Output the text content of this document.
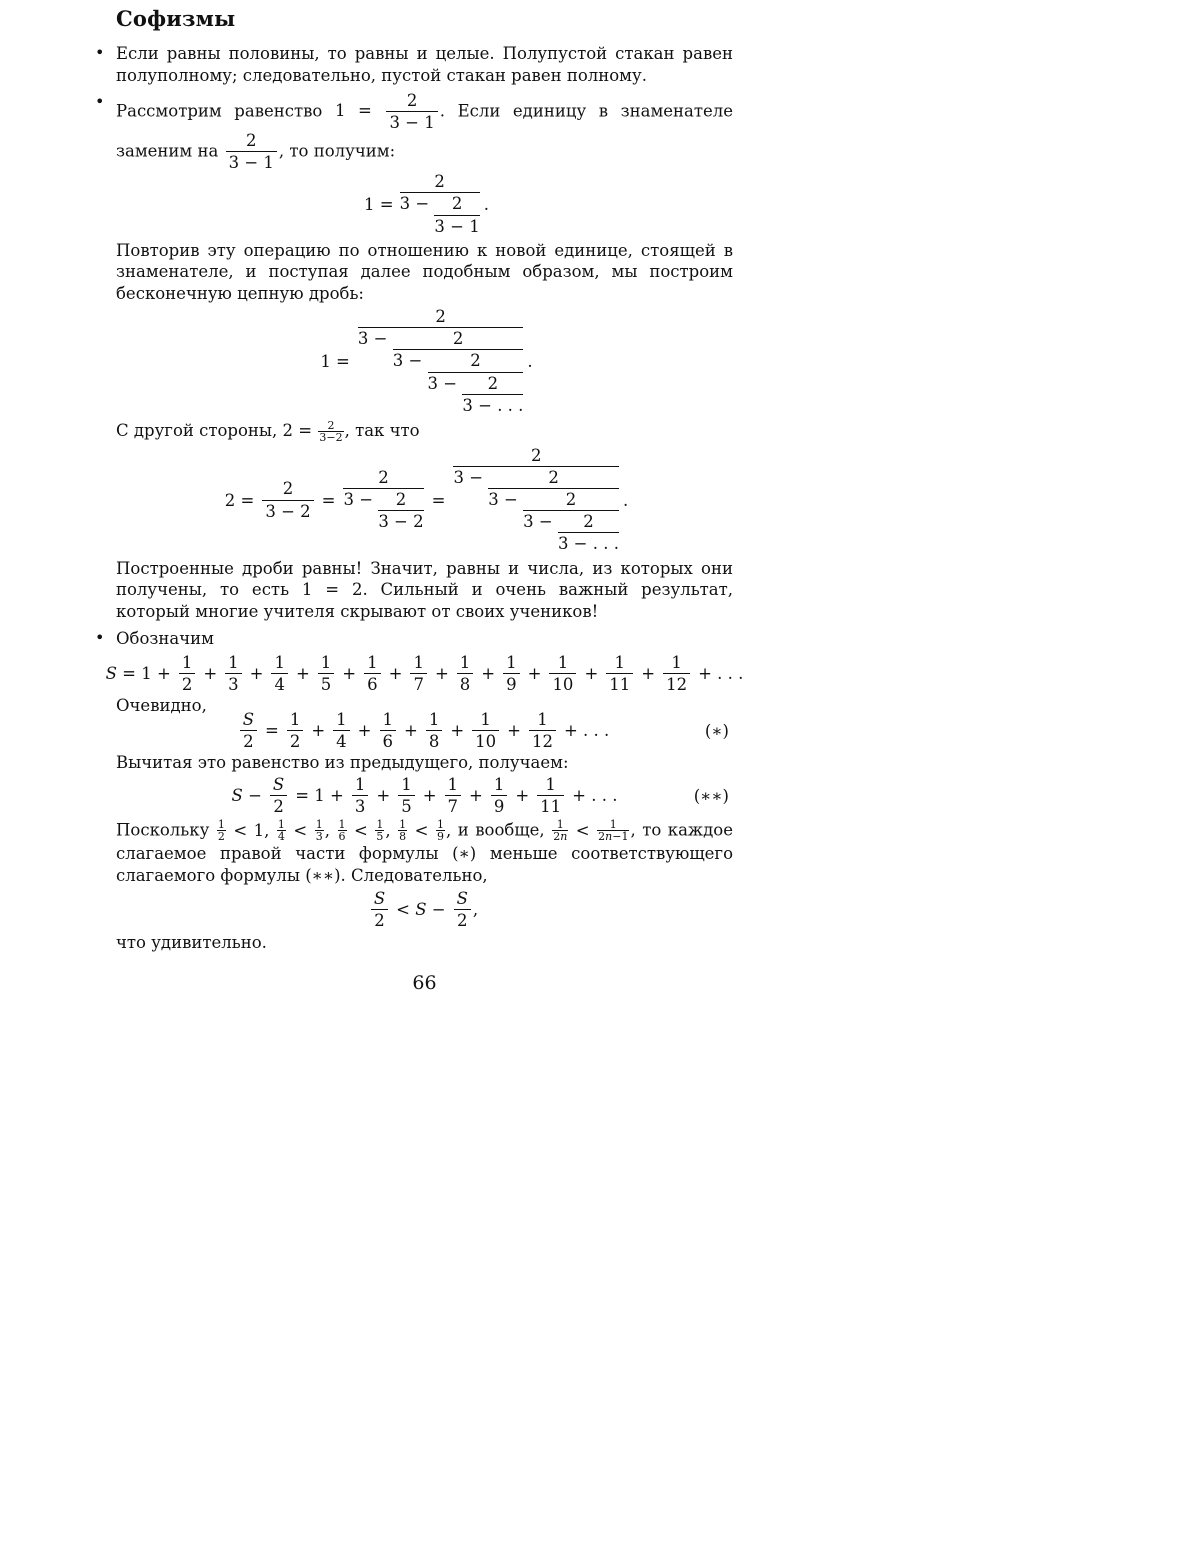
Софизмы
• Если равны половины, то равны и целые. Полупустой стакан равен полуполному; следовательно, пустой стакан равен полному.

• Рассмотрим равенство $1 = \frac{2}{3 - 1}$ . Если единицу в знаменателе заменим на $\frac{2}{3 - 1}$ , то получим:

$1 = \frac{2}{3 - \frac{2}{3 - 1}}$ .

Повторив эту операцию по отношению к новой единице, стоящей в знаменателе, и поступая далее подобным образом, мы построим бесконечную цепную дробь:

$1 = \frac{2}{3 - \frac{2}{3 - \frac{2}{3 - \frac{2}{3 - . . .}}}}$ .

С другой стороны, $2 = \frac{2}{3-2}$ , так что

$2 = \frac{2}{3 - 2} = \frac{2}{3 - \frac{2}{3 - 2}} = \frac{2}{3 - \frac{2}{3 - \frac{2}{3 - \frac{2}{3 - . . .}}}}$ .

Построенные дроби равны! Значит, равны и числа, из которых они получены, то есть 1 = 2. Сильный и очень важный результат, который многие учителя скрывают от своих учеников!

• Обозначим

$S = 1 + \frac{1}{2} + \frac{1}{3} + \frac{1}{4} + \frac{1}{5} + \frac{1}{6} + \frac{1}{7} + \frac{1}{8} + \frac{1}{9} + \frac{1}{10} + \frac{1}{11} + \frac{1}{12}$ + . . .

Очевидно,

$\frac{S}{2} = \frac{1}{2} + \frac{1}{4} + \frac{1}{6} + \frac{1}{8} + \frac{1}{10} + \frac{1}{12}$ + . . .	(∗)

Вычитая это равенство из предыдущего, получаем:

$S - \frac{S}{2} = 1 + \frac{1}{3} + \frac{1}{5} + \frac{1}{7} + \frac{1}{9} + \frac{1}{11}$ + . . .	(∗∗)

Поскольку $\frac{1}{2} < 1$, $\frac{1}{4} < \frac{1}{3}$ , $\frac{1}{6} < \frac{1}{5}$ , $\frac{1}{8} < \frac{1}{9}$ , и вообще, $\frac{1}{2n} < \frac{1}{2n-1}$ , то каждое слагаемое правой части формулы (∗) меньше соответствующего слагаемого формулы (∗∗). Следовательно,

$\frac{S}{2} < S - \frac{S}{2}$ ,

что удивительно.

66
